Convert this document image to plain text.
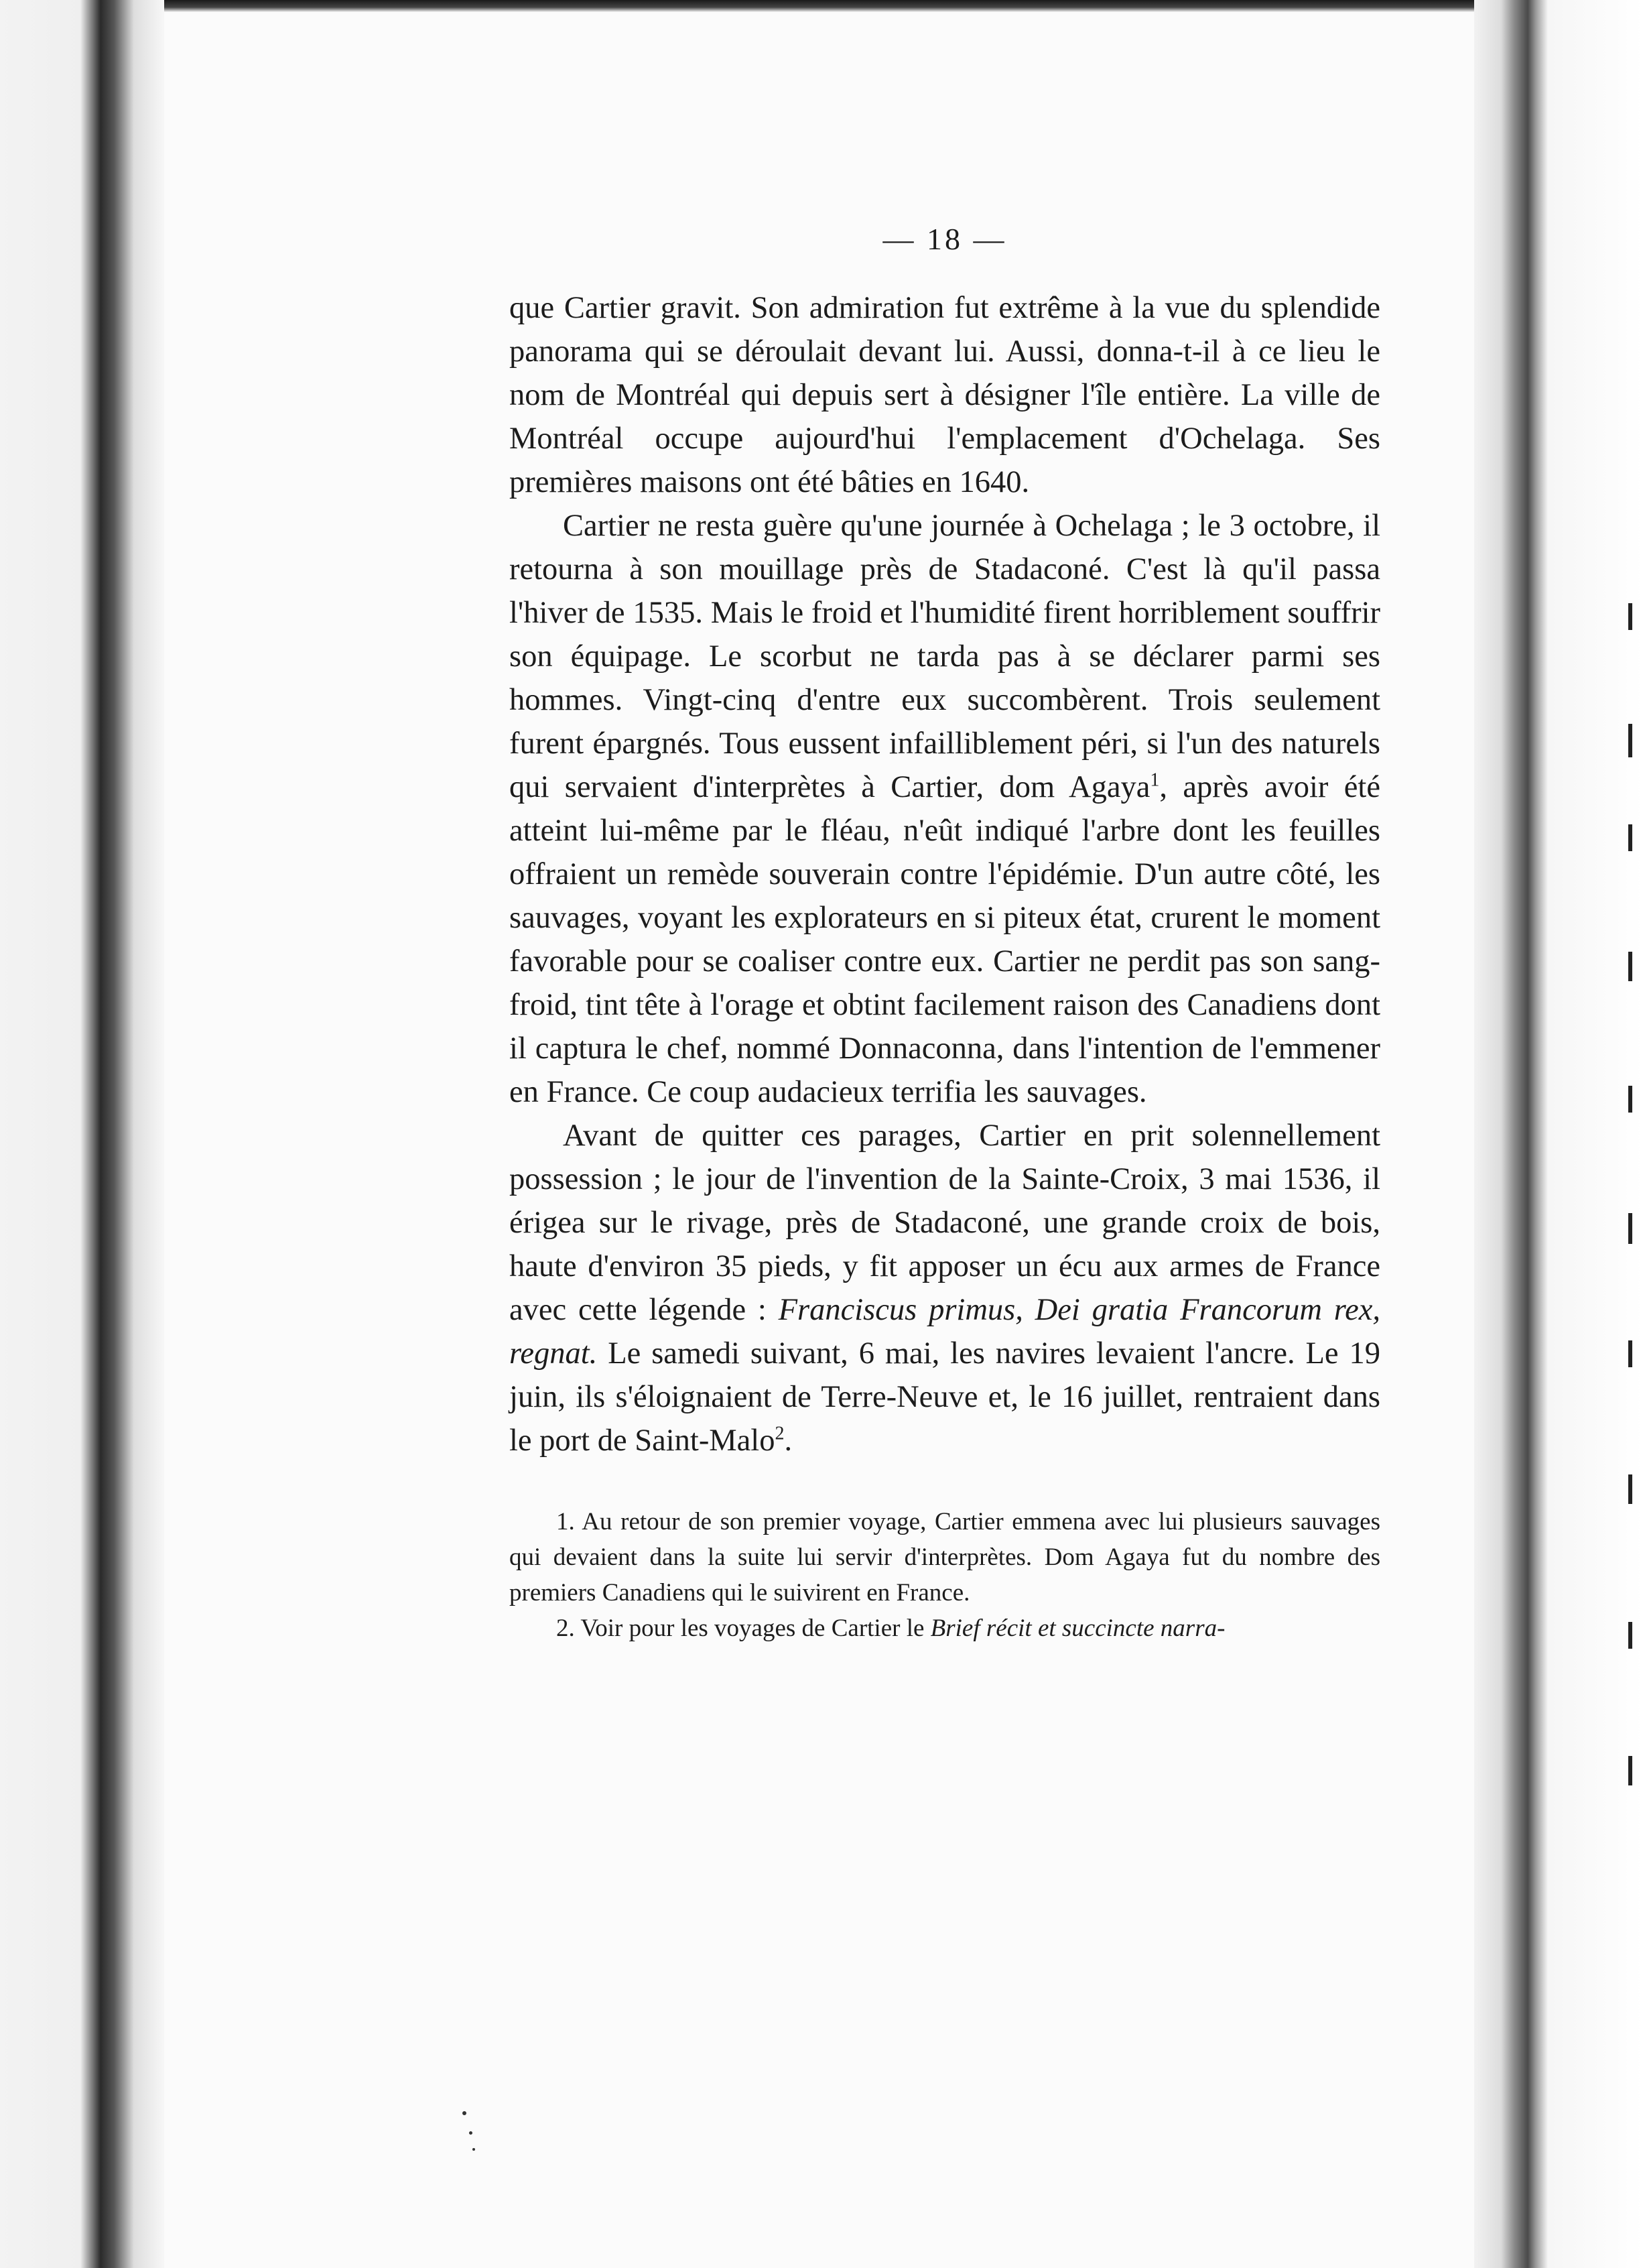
— 18 —

que Cartier gravit. Son admiration fut extrême à la vue du splendide panorama qui se déroulait devant lui. Aussi, donna-t-il à ce lieu le nom de Montréal qui depuis sert à désigner l'île entière. La ville de Montréal occupe aujourd'hui l'emplacement d'Ochelaga. Ses premières maisons ont été bâties en 1640.

Cartier ne resta guère qu'une journée à Ochelaga ; le 3 octobre, il retourna à son mouillage près de Stadaconé. C'est là qu'il passa l'hiver de 1535. Mais le froid et l'humidité firent horriblement souffrir son équipage. Le scorbut ne tarda pas à se déclarer parmi ses hommes. Vingt-cinq d'entre eux succombèrent. Trois seulement furent épargnés. Tous eussent infailliblement péri, si l'un des naturels qui servaient d'interprètes à Cartier, dom Agaya$^1$, après avoir été atteint lui-même par le fléau, n'eût indiqué l'arbre dont les feuilles offraient un remède souverain contre l'épidémie. D'un autre côté, les sauvages, voyant les explorateurs en si piteux état, crurent le moment favorable pour se coaliser contre eux. Cartier ne perdit pas son sang-froid, tint tête à l'orage et obtint facilement raison des Canadiens dont il captura le chef, nommé Donnaconna, dans l'intention de l'emmener en France. Ce coup audacieux terrifia les sauvages.

Avant de quitter ces parages, Cartier en prit solennellement possession ; le jour de l'invention de la Sainte-Croix, 3 mai 1536, il érigea sur le rivage, près de Stadaconé, une grande croix de bois, haute d'environ 35 pieds, y fit apposer un écu aux armes de France avec cette légende : Franciscus primus, Dei gratia Francorum rex, regnat. Le samedi suivant, 6 mai, les navires levaient l'ancre. Le 19 juin, ils s'éloignaient de Terre-Neuve et, le 16 juillet, rentraient dans le port de Saint-Malo$^2$.

1. Au retour de son premier voyage, Cartier emmena avec lui plusieurs sauvages qui devaient dans la suite lui servir d'interprètes. Dom Agaya fut du nombre des premiers Canadiens qui le suivirent en France.

2. Voir pour les voyages de Cartier le Brief récit et succincte narra-
